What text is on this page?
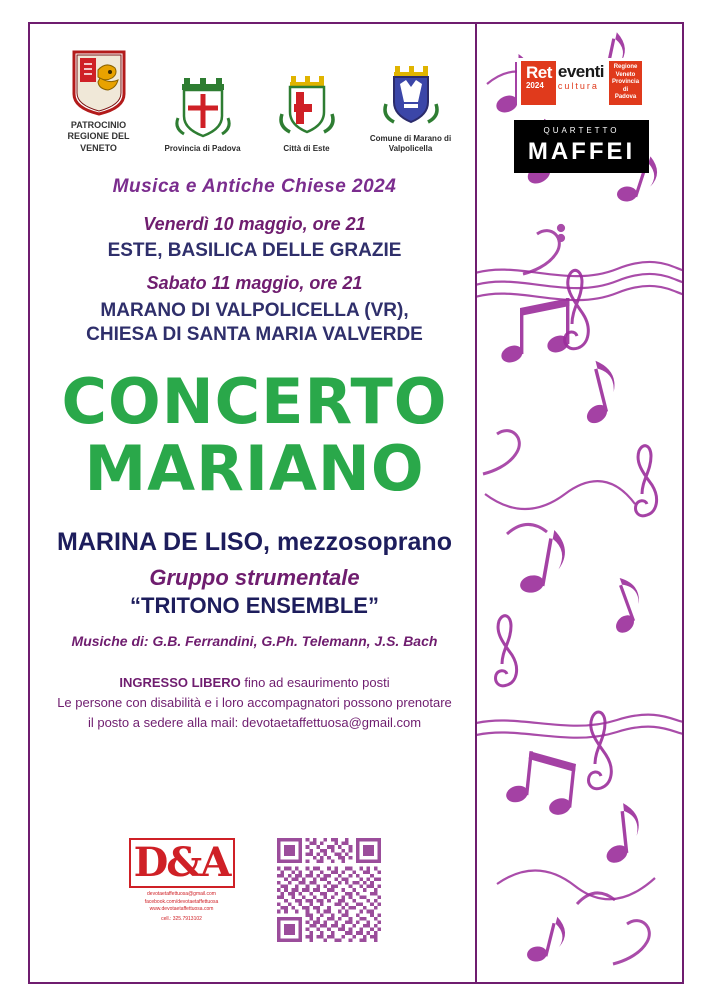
PATROCINIO
REGIONE DEL VENETO	Provincia di Padova	Città di Este
Comune di Marano di
Valpolicella
Musica e Antiche Chiese 2024
Venerdì 10 maggio, ore 21
ESTE, BASILICA DELLE GRAZIE
Sabato 11 maggio, ore 21
MARANO DI VALPOLICELLA (VR),
CHIESA DI SANTA MARIA VALVERDE
CONCERTO
MARIANO
MARINA DE LISO, mezzosoprano
Gruppo strumentale
“TRITONO ENSEMBLE”
Musiche di: G.B. Ferrandini, G.Ph. Telemann, J.S. Bach
INGRESSO LIBERO fino ad esaurimento posti
Le persone con disabilità e i loro accompagnatori possono prenotare
il posto a sedere alla mail: devotaetaffettuosa@gmail.com
D&A
devotaetaffettuosa@gmail.com
facebook.com/devotaetaffettuosa
www.devotaetaffettuosa.com
cell.: 325.7913102
Ret
2024
eventi
cultura
Regione
Veneto
Provincia
di
Padova

QUARTETTO
MAFFEI
